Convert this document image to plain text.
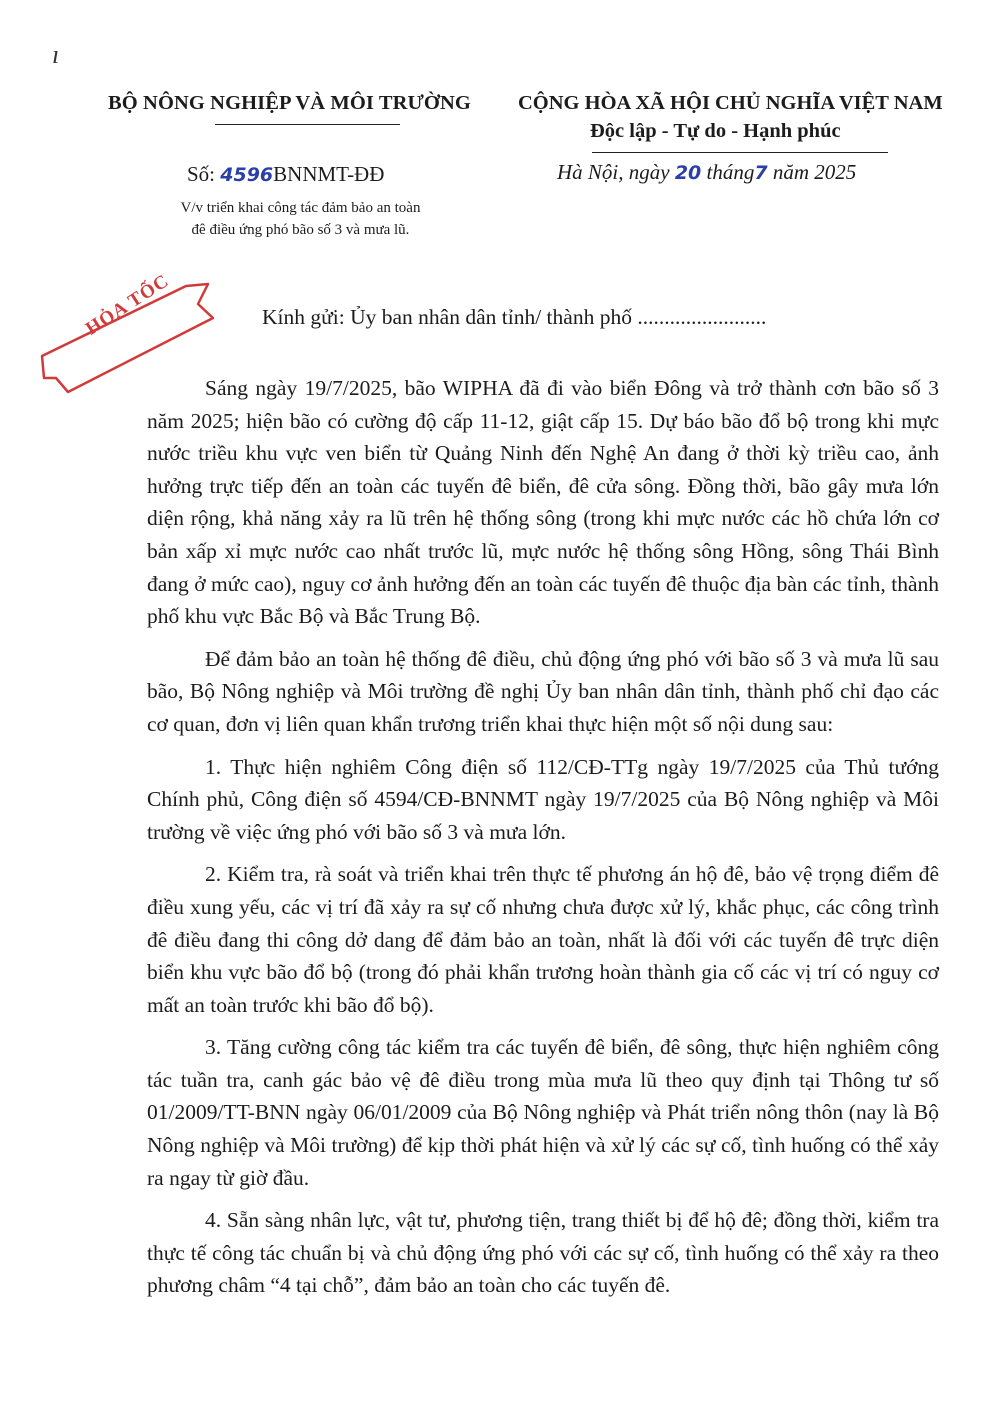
ı
BỘ NÔNG NGHIỆP VÀ MÔI TRƯỜNG	CỘNG HÒA XÃ HỘI CHỦ NGHĨA VIỆT NAM
Độc lập - Tự do - Hạnh phúc
Số: 4596BNNMT-ĐĐ
V/v triển khai công tác đảm bảo an toàn
đê điều ứng phó bão số 3 và mưa lũ.
Hà Nội, ngày 20 tháng7 năm 2025
HỎA TỐC	Kính gửi: Ủy ban nhân dân tỉnh/ thành phố ........................

Sáng ngày 19/7/2025, bão WIPHA đã đi vào biển Đông và trở thành cơn bão số 3 năm 2025; hiện bão có cường độ cấp 11-12, giật cấp 15. Dự báo bão đổ bộ trong khi mực nước triều khu vực ven biển từ Quảng Ninh đến Nghệ An đang ở thời kỳ triều cao, ảnh hưởng trực tiếp đến an toàn các tuyến đê biển, đê cửa sông. Đồng thời, bão gây mưa lớn diện rộng, khả năng xảy ra lũ trên hệ thống sông (trong khi mực nước các hồ chứa lớn cơ bản xấp xỉ mực nước cao nhất trước lũ, mực nước hệ thống sông Hồng, sông Thái Bình đang ở mức cao), nguy cơ ảnh hưởng đến an toàn các tuyến đê thuộc địa bàn các tỉnh, thành phố khu vực Bắc Bộ và Bắc Trung Bộ.

Để đảm bảo an toàn hệ thống đê điều, chủ động ứng phó với bão số 3 và mưa lũ sau bão, Bộ Nông nghiệp và Môi trường đề nghị Ủy ban nhân dân tỉnh, thành phố chỉ đạo các cơ quan, đơn vị liên quan khẩn trương triển khai thực hiện một số nội dung sau:

1. Thực hiện nghiêm Công điện số 112/CĐ-TTg ngày 19/7/2025 của Thủ tướng Chính phủ, Công điện số 4594/CĐ-BNNMT ngày 19/7/2025 của Bộ Nông nghiệp và Môi trường về việc ứng phó với bão số 3 và mưa lớn.

2. Kiểm tra, rà soát và triển khai trên thực tế phương án hộ đê, bảo vệ trọng điểm đê điều xung yếu, các vị trí đã xảy ra sự cố nhưng chưa được xử lý, khắc phục, các công trình đê điều đang thi công dở dang để đảm bảo an toàn, nhất là đối với các tuyến đê trực diện biển khu vực bão đổ bộ (trong đó phải khẩn trương hoàn thành gia cố các vị trí có nguy cơ mất an toàn trước khi bão đổ bộ).

3. Tăng cường công tác kiểm tra các tuyến đê biển, đê sông, thực hiện nghiêm công tác tuần tra, canh gác bảo vệ đê điều trong mùa mưa lũ theo quy định tại Thông tư số 01/2009/TT-BNN ngày 06/01/2009 của Bộ Nông nghiệp và Phát triển nông thôn (nay là Bộ Nông nghiệp và Môi trường) để kịp thời phát hiện và xử lý các sự cố, tình huống có thể xảy ra ngay từ giờ đầu.

4. Sẵn sàng nhân lực, vật tư, phương tiện, trang thiết bị để hộ đê; đồng thời, kiểm tra thực tế công tác chuẩn bị và chủ động ứng phó với các sự cố, tình huống có thể xảy ra theo phương châm “4 tại chỗ”, đảm bảo an toàn cho các tuyến đê.
